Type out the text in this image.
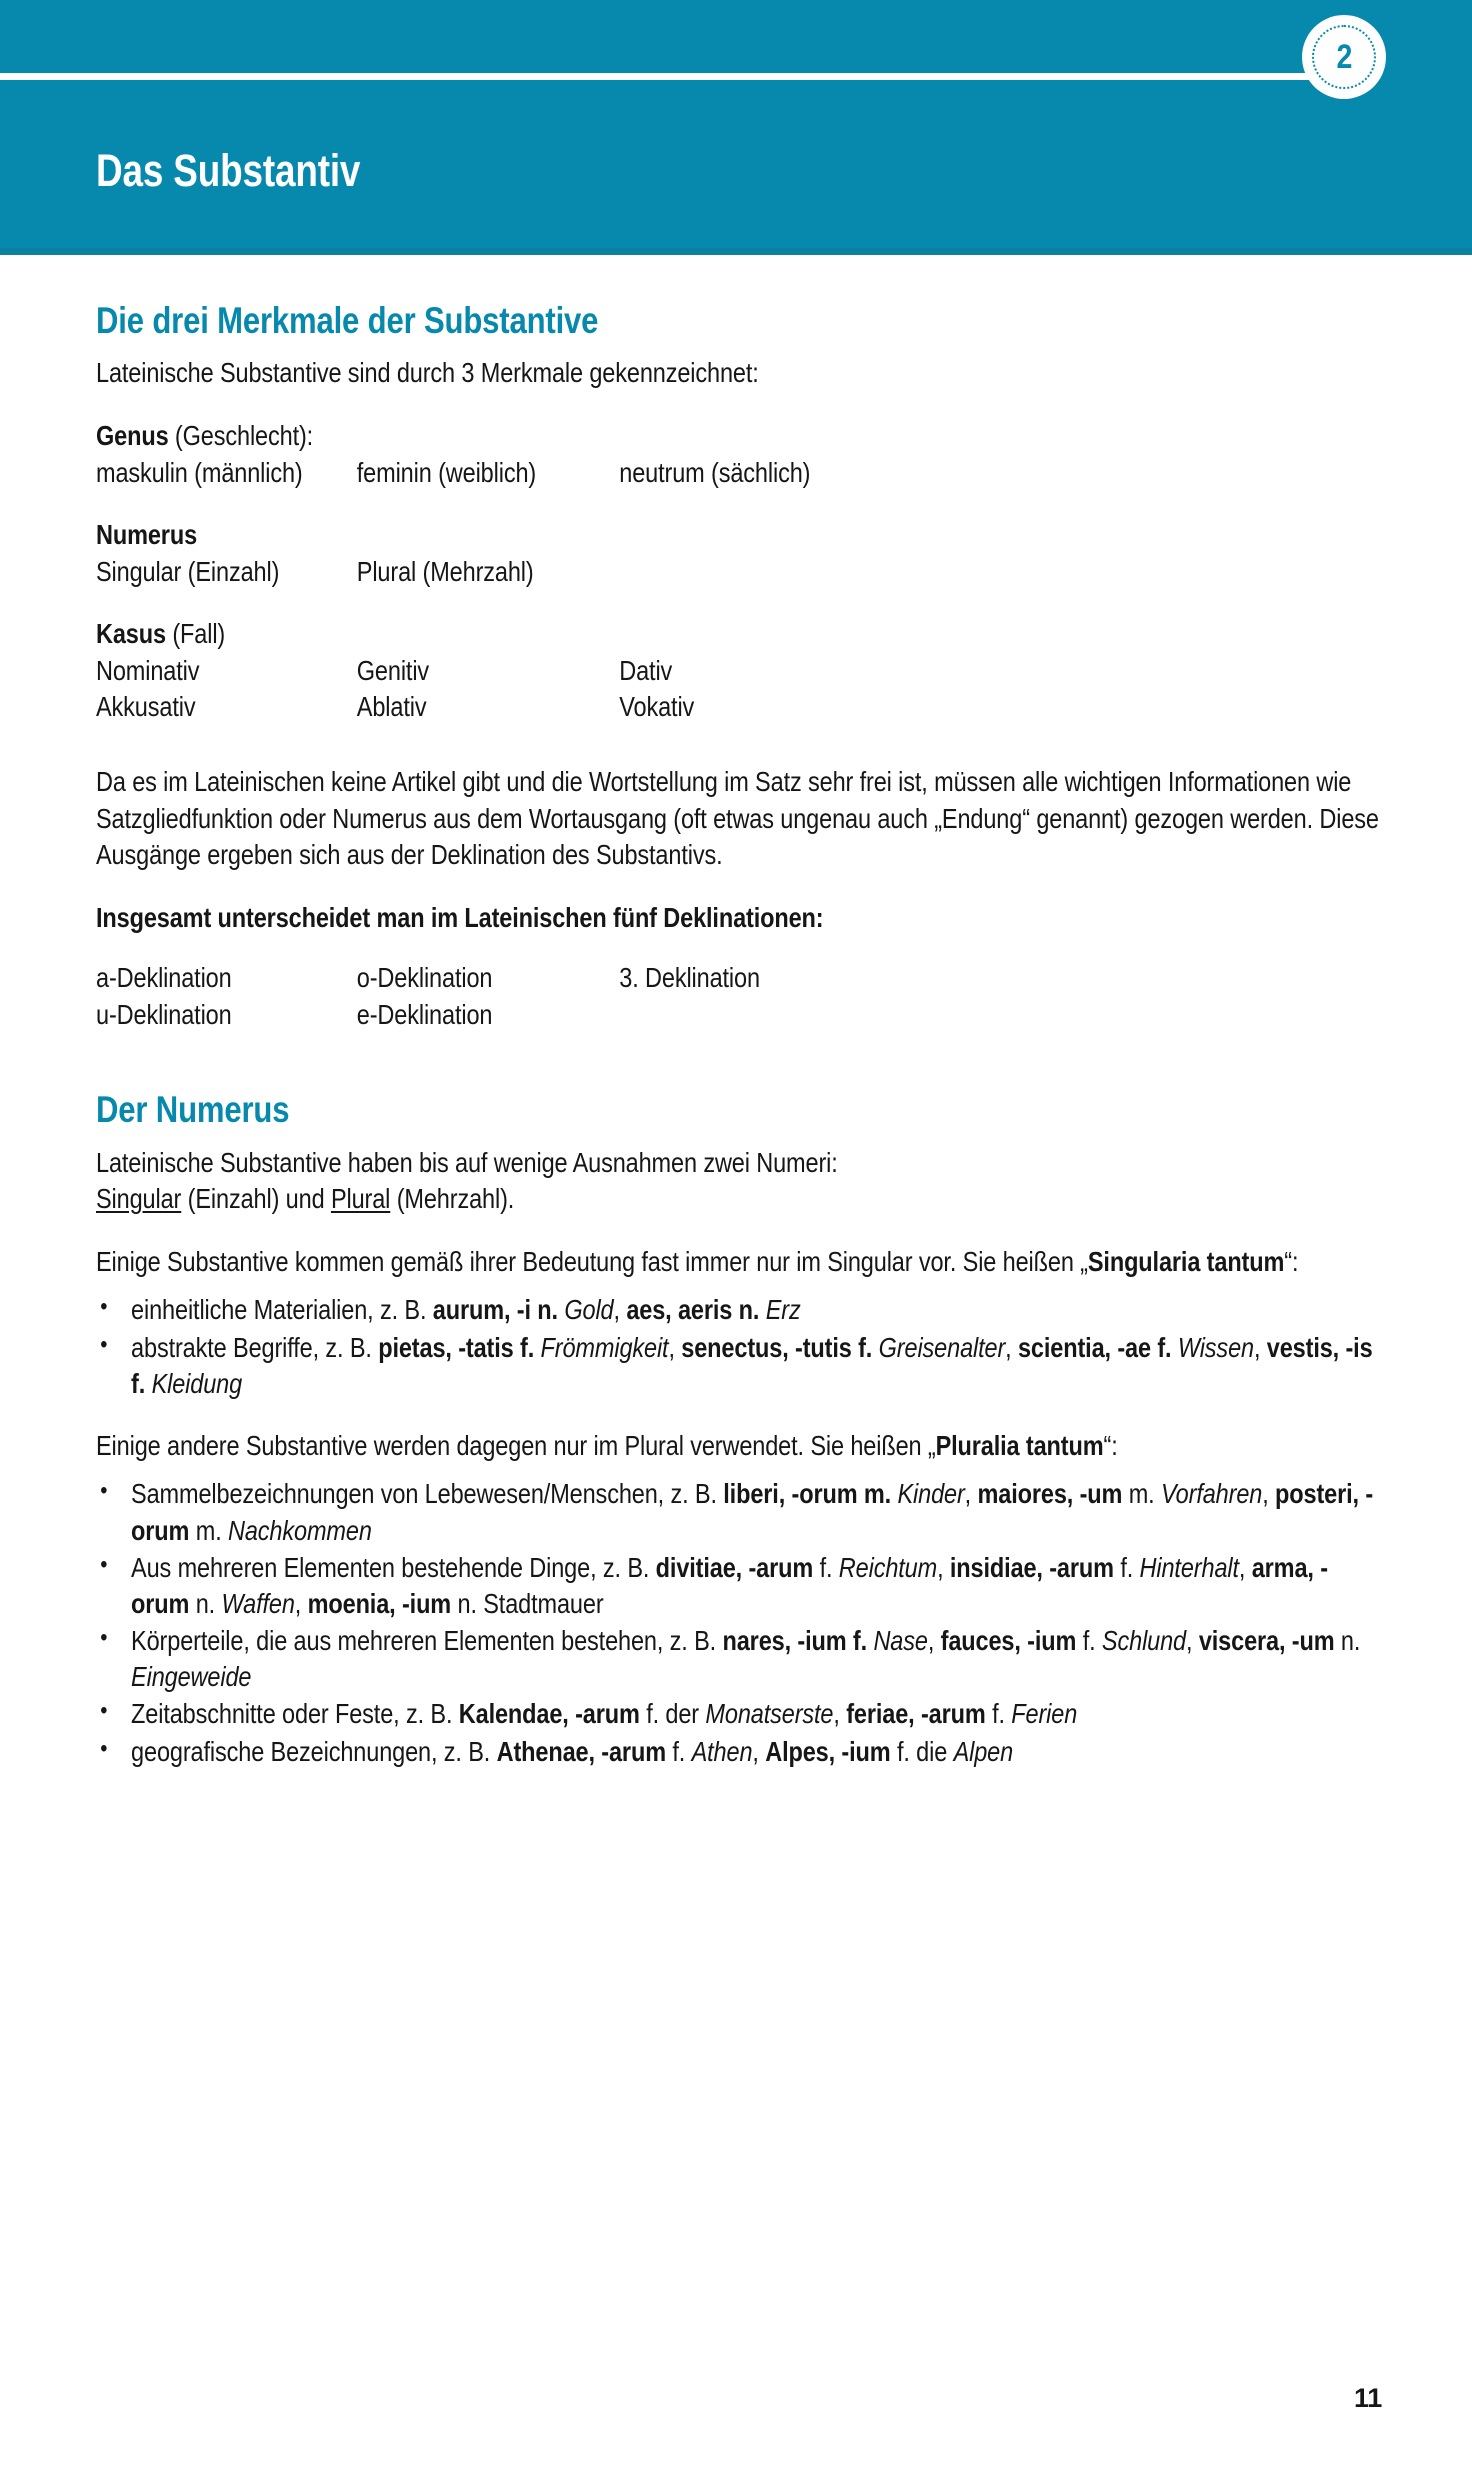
2
Das Substantiv
Die drei Merkmale der Substantive
Lateinische Substantive sind durch 3 Merkmale gekennzeichnet:
Genus (Geschlecht):
maskulin (männlich)	feminin (weiblich)	neutrum (sächlich)
Numerus
Singular (Einzahl)	Plural (Mehrzahl)
Kasus (Fall)
Nominativ	Genitiv	Dativ
Akkusativ	Ablativ	Vokativ
Da es im Lateinischen keine Artikel gibt und die Wortstellung im Satz sehr frei ist, müssen alle wichtigen Informationen wie Satzgliedfunktion oder Numerus aus dem Wortausgang (oft etwas ungenau auch „Endung“ genannt) gezogen werden. Diese Ausgänge ergeben sich aus der Deklination des Substantivs.
Insgesamt unterscheidet man im Lateinischen fünf Deklinationen:
a-Deklination	o-Deklination	3. Deklination
u-Deklination	e-Deklination
Der Numerus
Lateinische Substantive haben bis auf wenige Ausnahmen zwei Numeri:
Singular (Einzahl) und Plural (Mehrzahl).
Einige Substantive kommen gemäß ihrer Bedeutung fast immer nur im Singular vor. Sie heißen „Singularia tantum“:
• einheitliche Materialien, z. B. aurum, -i n. Gold, aes, aeris n. Erz
• abstrakte Begriffe, z. B. pietas, -tatis f. Frömmigkeit, senectus, -tutis f. Greisenalter, scientia, -ae f. Wissen, vestis, -is f. Kleidung
Einige andere Substantive werden dagegen nur im Plural verwendet. Sie heißen „Pluralia tantum“:
• Sammelbezeichnungen von Lebewesen/Menschen, z. B. liberi, -orum m. Kinder, maiores, -um m. Vorfahren, posteri, -orum m. Nachkommen
• Aus mehreren Elementen bestehende Dinge, z. B. divitiae, -arum f. Reichtum, insidiae, -arum f. Hinterhalt, arma, -orum n. Waffen, moenia, -ium n. Stadtmauer
• Körperteile, die aus mehreren Elementen bestehen, z. B. nares, -ium f. Nase, fauces, -ium f. Schlund, viscera, -um n. Eingeweide
• Zeitabschnitte oder Feste, z. B. Kalendae, -arum f. der Monatserste, feriae, -arum f. Ferien
• geografische Bezeichnungen, z. B. Athenae, -arum f. Athen, Alpes, -ium f. die Alpen
11
